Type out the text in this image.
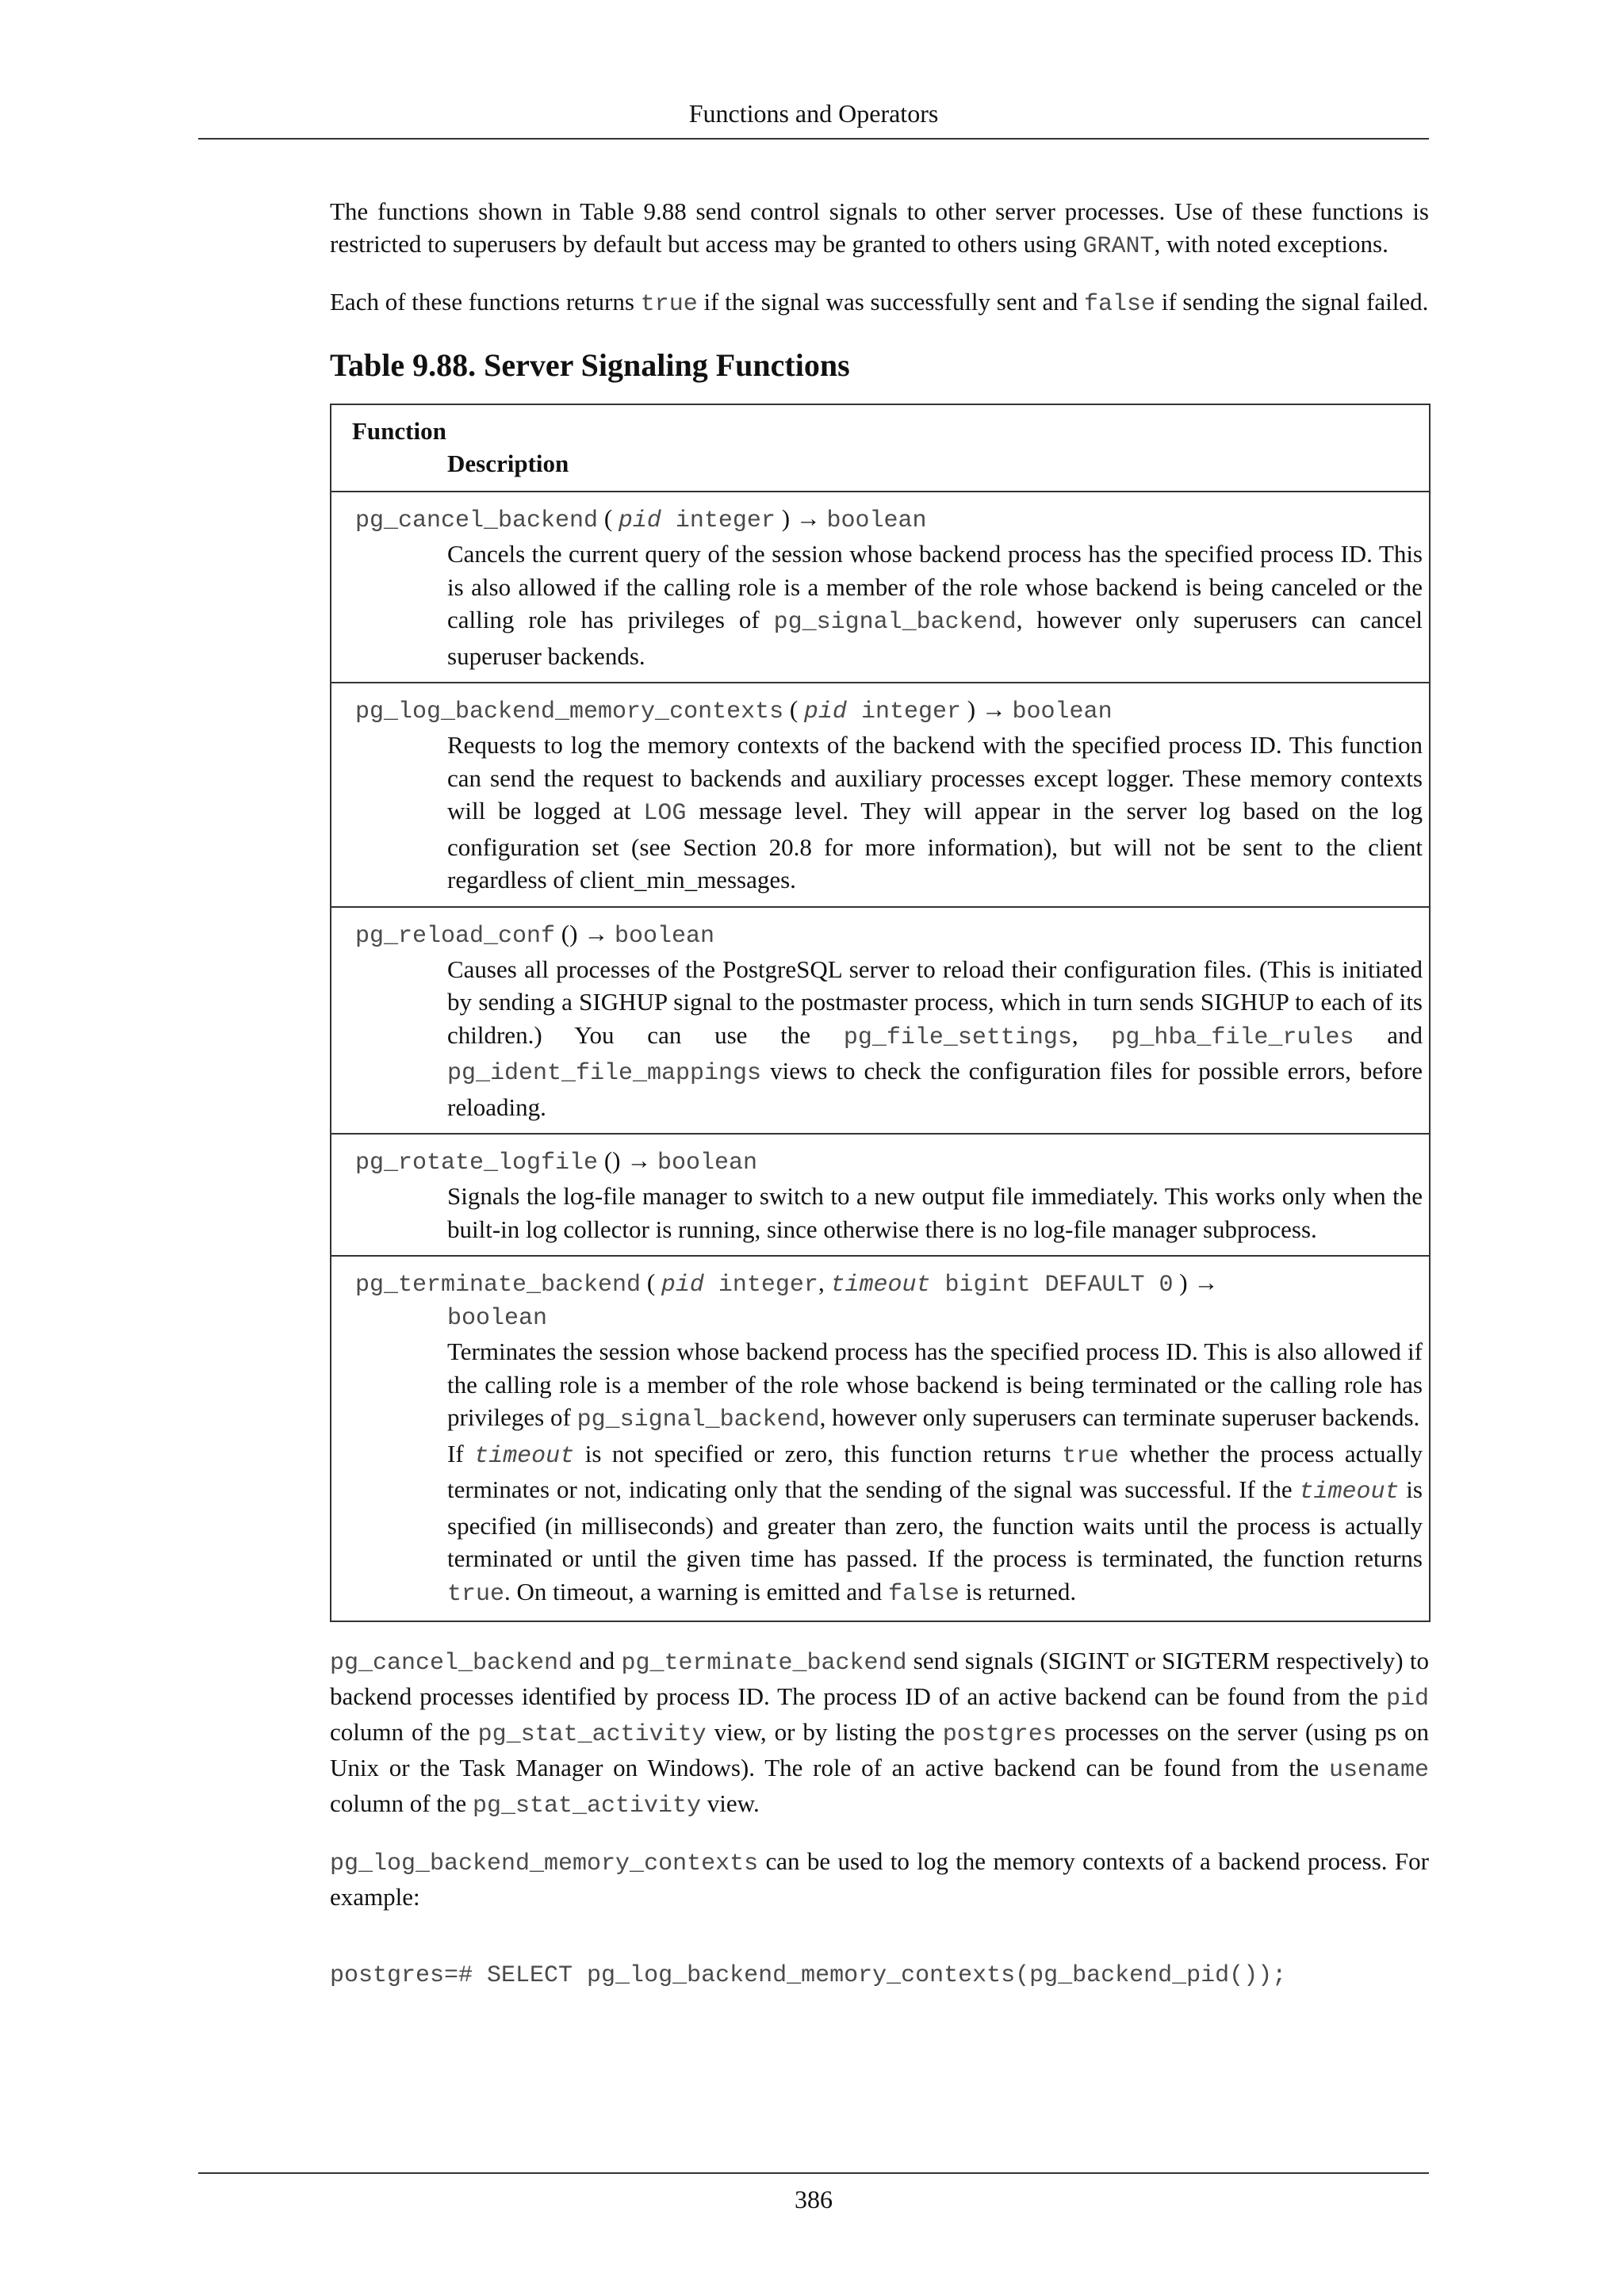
Functions and Operators

The functions shown in Table 9.88 send control signals to other server processes. Use of these functions is restricted to superusers by default but access may be granted to others using GRANT, with noted exceptions.

Each of these functions returns true if the signal was successfully sent and false if sending the signal failed.

Table 9.88. Server Signaling Functions
Function
Description
pg_cancel_backend ( pid integer ) → boolean
Cancels the current query of the session whose backend process has the specified process ID. This is also allowed if the calling role is a member of the role whose backend is being canceled or the calling role has privileges of pg_signal_backend, however only superusers can cancel superuser backends.
pg_log_backend_memory_contexts ( pid integer ) → boolean
Requests to log the memory contexts of the backend with the specified process ID. This function can send the request to backends and auxiliary processes except logger. These memory contexts will be logged at LOG message level. They will appear in the server log based on the log configuration set (see Section 20.8 for more information), but will not be sent to the client regardless of client_min_messages.
pg_reload_conf () → boolean
Causes all processes of the PostgreSQL server to reload their configuration files. (This is initiated by sending a SIGHUP signal to the postmaster process, which in turn sends SIGHUP to each of its children.) You can use the pg_file_settings, pg_hba_file_rules and pg_ident_file_mappings views to check the configuration files for possible errors, before reloading.
pg_rotate_logfile () → boolean
Signals the log-file manager to switch to a new output file immediately. This works only when the built-in log collector is running, since otherwise there is no log-file manager subprocess.
pg_terminate_backend ( pid integer, timeout bigint DEFAULT 0 ) →
boolean
Terminates the session whose backend process has the specified process ID. This is also allowed if the calling role is a member of the role whose backend is being terminated or the calling role has privileges of pg_signal_backend, however only superusers can terminate superuser backends.
If timeout is not specified or zero, this function returns true whether the process actually terminates or not, indicating only that the sending of the signal was successful. If the timeout is specified (in milliseconds) and greater than zero, the function waits until the process is actually terminated or until the given time has passed. If the process is terminated, the function returns true. On timeout, a warning is emitted and false is returned.

pg_cancel_backend and pg_terminate_backend send signals (SIGINT or SIGTERM respectively) to backend processes identified by process ID. The process ID of an active backend can be found from the pid column of the pg_stat_activity view, or by listing the postgres processes on the server (using ps on Unix or the Task Manager on Windows). The role of an active backend can be found from the usename column of the pg_stat_activity view.

pg_log_backend_memory_contexts can be used to log the memory contexts of a backend process. For example:

postgres=# SELECT pg_log_backend_memory_contexts(pg_backend_pid());
386
